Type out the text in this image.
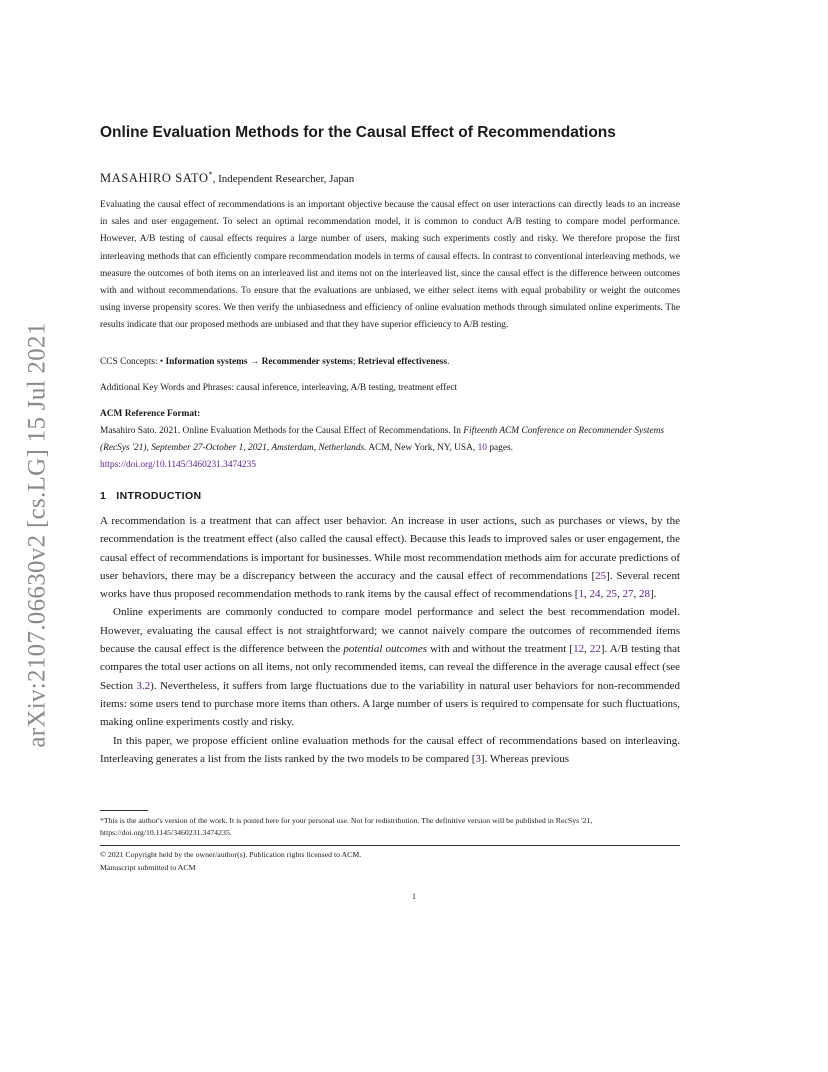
arXiv:2107.06630v2 [cs.LG] 15 Jul 2021
Online Evaluation Methods for the Causal Effect of Recommendations
MASAHIRO SATO*, Independent Researcher, Japan
Evaluating the causal effect of recommendations is an important objective because the causal effect on user interactions can directly leads to an increase in sales and user engagement. To select an optimal recommendation model, it is common to conduct A/B testing to compare model performance. However, A/B testing of causal effects requires a large number of users, making such experiments costly and risky. We therefore propose the first interleaving methods that can efficiently compare recommendation models in terms of causal effects. In contrast to conventional interleaving methods, we measure the outcomes of both items on an interleaved list and items not on the interleaved list, since the causal effect is the difference between outcomes with and without recommendations. To ensure that the evaluations are unbiased, we either select items with equal probability or weight the outcomes using inverse propensity scores. We then verify the unbiasedness and efficiency of online evaluation methods through simulated online experiments. The results indicate that our proposed methods are unbiased and that they have superior efficiency to A/B testing.
CCS Concepts: • Information systems → Recommender systems; Retrieval effectiveness.
Additional Key Words and Phrases: causal inference, interleaving, A/B testing, treatment effect
ACM Reference Format:
Masahiro Sato. 2021. Online Evaluation Methods for the Causal Effect of Recommendations. In Fifteenth ACM Conference on Recommender Systems (RecSys '21), September 27-October 1, 2021, Amsterdam, Netherlands. ACM, New York, NY, USA, 10 pages.
https://doi.org/10.1145/3460231.3474235
1 INTRODUCTION

A recommendation is a treatment that can affect user behavior. An increase in user actions, such as purchases or views, by the recommendation is the treatment effect (also called the causal effect). Because this leads to improved sales or user engagement, the causal effect of recommendations is important for businesses. While most recommendation methods aim for accurate predictions of user behaviors, there may be a discrepancy between the accuracy and the causal effect of recommendations [25]. Several recent works have thus proposed recommendation methods to rank items by the causal effect of recommendations [1, 24, 25, 27, 28].

Online experiments are commonly conducted to compare model performance and select the best recommendation model. However, evaluating the causal effect is not straightforward; we cannot naively compare the outcomes of recommended items because the causal effect is the difference between the potential outcomes with and without the treatment [12, 22]. A/B testing that compares the total user actions on all items, not only recommended items, can reveal the difference in the average causal effect (see Section 3.2). Nevertheless, it suffers from large fluctuations due to the variability in natural user behaviors for non-recommended items: some users tend to purchase more items than others. A large number of users is required to compensate for such fluctuations, making online experiments costly and risky.

In this paper, we propose efficient online evaluation methods for the causal effect of recommendations based on interleaving. Interleaving generates a list from the lists ranked by the two models to be compared [3]. Whereas previous

*This is the author's version of the work. It is posted here for your personal use. Not for redistribution. The definitive version will be published in RecSys '21, https://doi.org/10.1145/3460231.3474235.
© 2021 Copyright held by the owner/author(s). Publication rights licensed to ACM.
Manuscript submitted to ACM
1
